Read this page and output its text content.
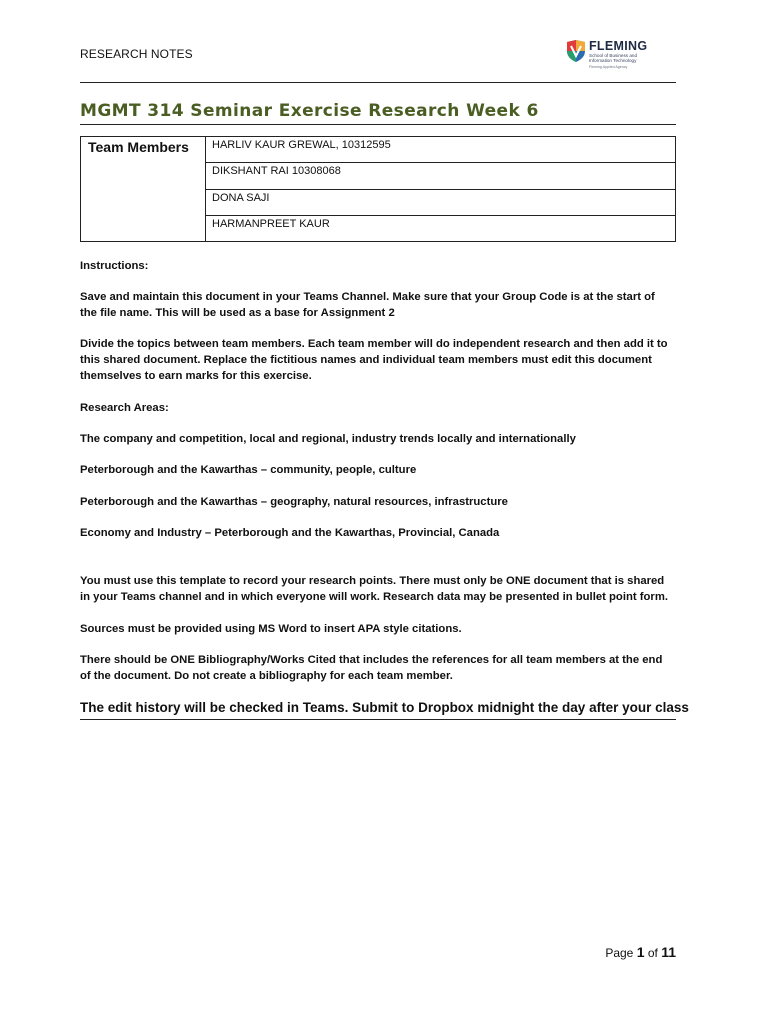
RESEARCH NOTES
FLEMING
School of Business and
Information Technology
Fleming Applied Agency
MGMT 314 Seminar Exercise Research Week 6
Team Members	HARLIV KAUR GREWAL, 10312595
DIKSHANT RAI 10308068
DONA SAJI
HARMANPREET KAUR

Instructions:

Save and maintain this document in your Teams Channel. Make sure that your Group Code is at the start of the file name. This will be used as a base for Assignment 2

Divide the topics between team members. Each team member will do independent research and then add it to this shared document. Replace the fictitious names and individual team members must edit this document themselves to earn marks for this exercise.

Research Areas:

The company and competition, local and regional, industry trends locally and internationally

Peterborough and the Kawarthas – community, people, culture

Peterborough and the Kawarthas – geography, natural resources, infrastructure

Economy and Industry – Peterborough and the Kawarthas, Provincial, Canada

You must use this template to record your research points. There must only be ONE document that is shared in your Teams channel and in which everyone will work. Research data may be presented in bullet point form.

Sources must be provided using MS Word to insert APA style citations.

There should be ONE Bibliography/Works Cited that includes the references for all team members at the end of the document. Do not create a bibliography for each team member.

The edit history will be checked in Teams. Submit to Dropbox midnight the day after your class
Page 1 of 11
